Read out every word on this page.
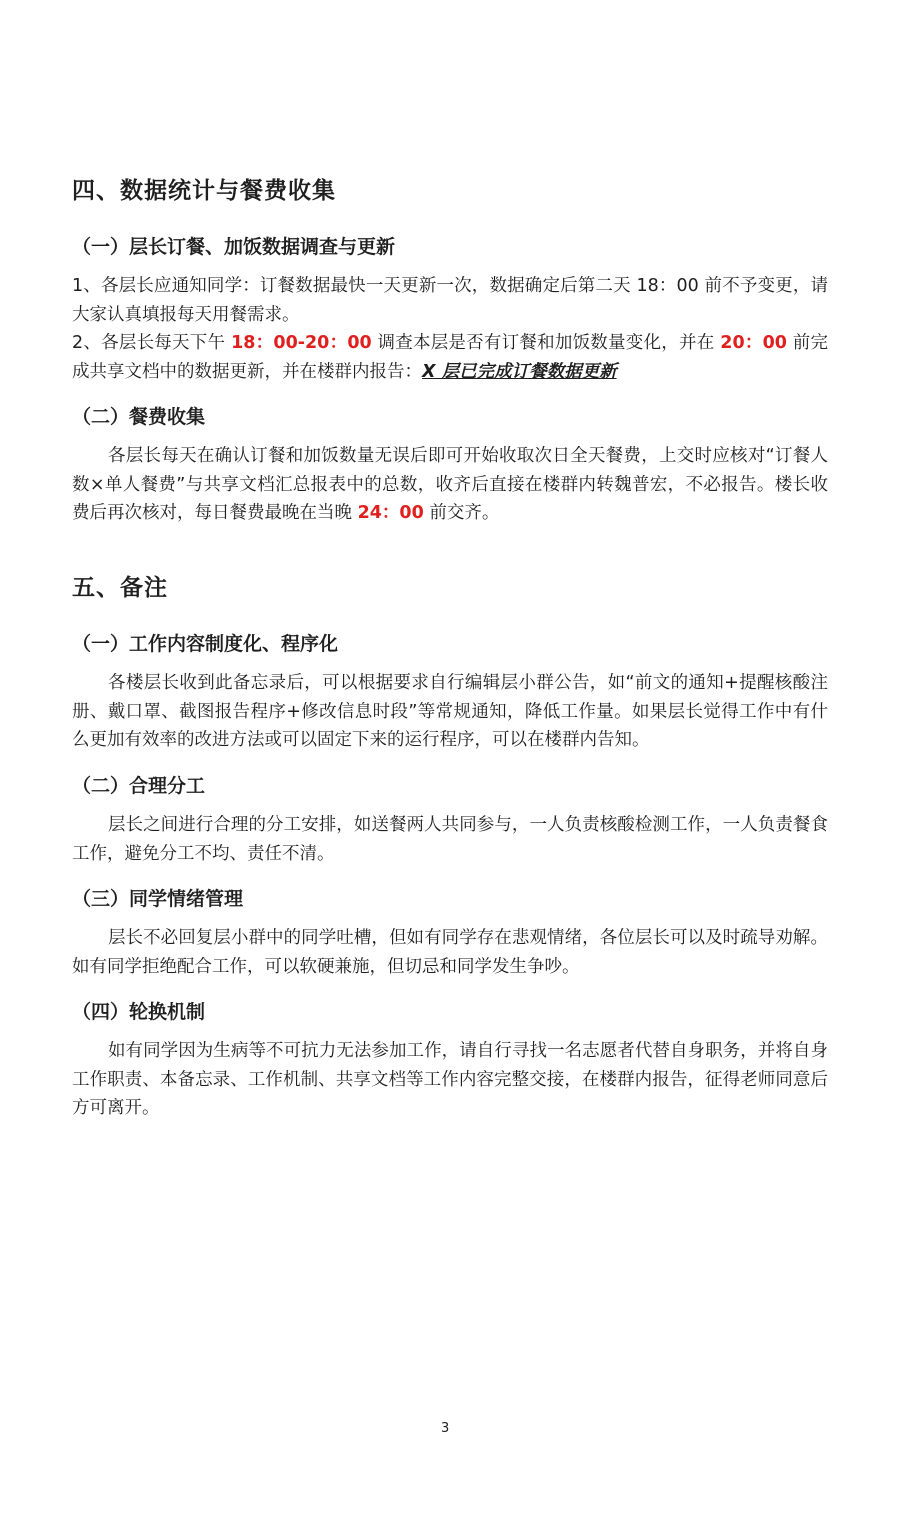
四、数据统计与餐费收集
（一）层长订餐、加饭数据调查与更新
1、各层长应通知同学：订餐数据最快一天更新一次，数据确定后第二天 18：00 前不予变更，请大家认真填报每天用餐需求。
2、各层长每天下午 18：00-20：00 调查本层是否有订餐和加饭数量变化，并在 20：00 前完成共享文档中的数据更新，并在楼群内报告：X 层已完成订餐数据更新
（二）餐费收集
各层长每天在确认订餐和加饭数量无误后即可开始收取次日全天餐费，上交时应核对“订餐人数×单人餐费”与共享文档汇总报表中的总数，收齐后直接在楼群内转魏普宏，不必报告。楼长收费后再次核对，每日餐费最晚在当晚 24：00 前交齐。
五、备注
（一）工作内容制度化、程序化
各楼层长收到此备忘录后，可以根据要求自行编辑层小群公告，如“前文的通知+提醒核酸注册、戴口罩、截图报告程序+修改信息时段”等常规通知，降低工作量。如果层长觉得工作中有什么更加有效率的改进方法或可以固定下来的运行程序，可以在楼群内告知。
（二）合理分工
层长之间进行合理的分工安排，如送餐两人共同参与，一人负责核酸检测工作，一人负责餐食工作，避免分工不均、责任不清。
（三）同学情绪管理
层长不必回复层小群中的同学吐槽，但如有同学存在悲观情绪，各位层长可以及时疏导劝解。如有同学拒绝配合工作，可以软硬兼施，但切忌和同学发生争吵。
（四）轮换机制
如有同学因为生病等不可抗力无法参加工作，请自行寻找一名志愿者代替自身职务，并将自身工作职责、本备忘录、工作机制、共享文档等工作内容完整交接，在楼群内报告，征得老师同意后方可离开。
3
